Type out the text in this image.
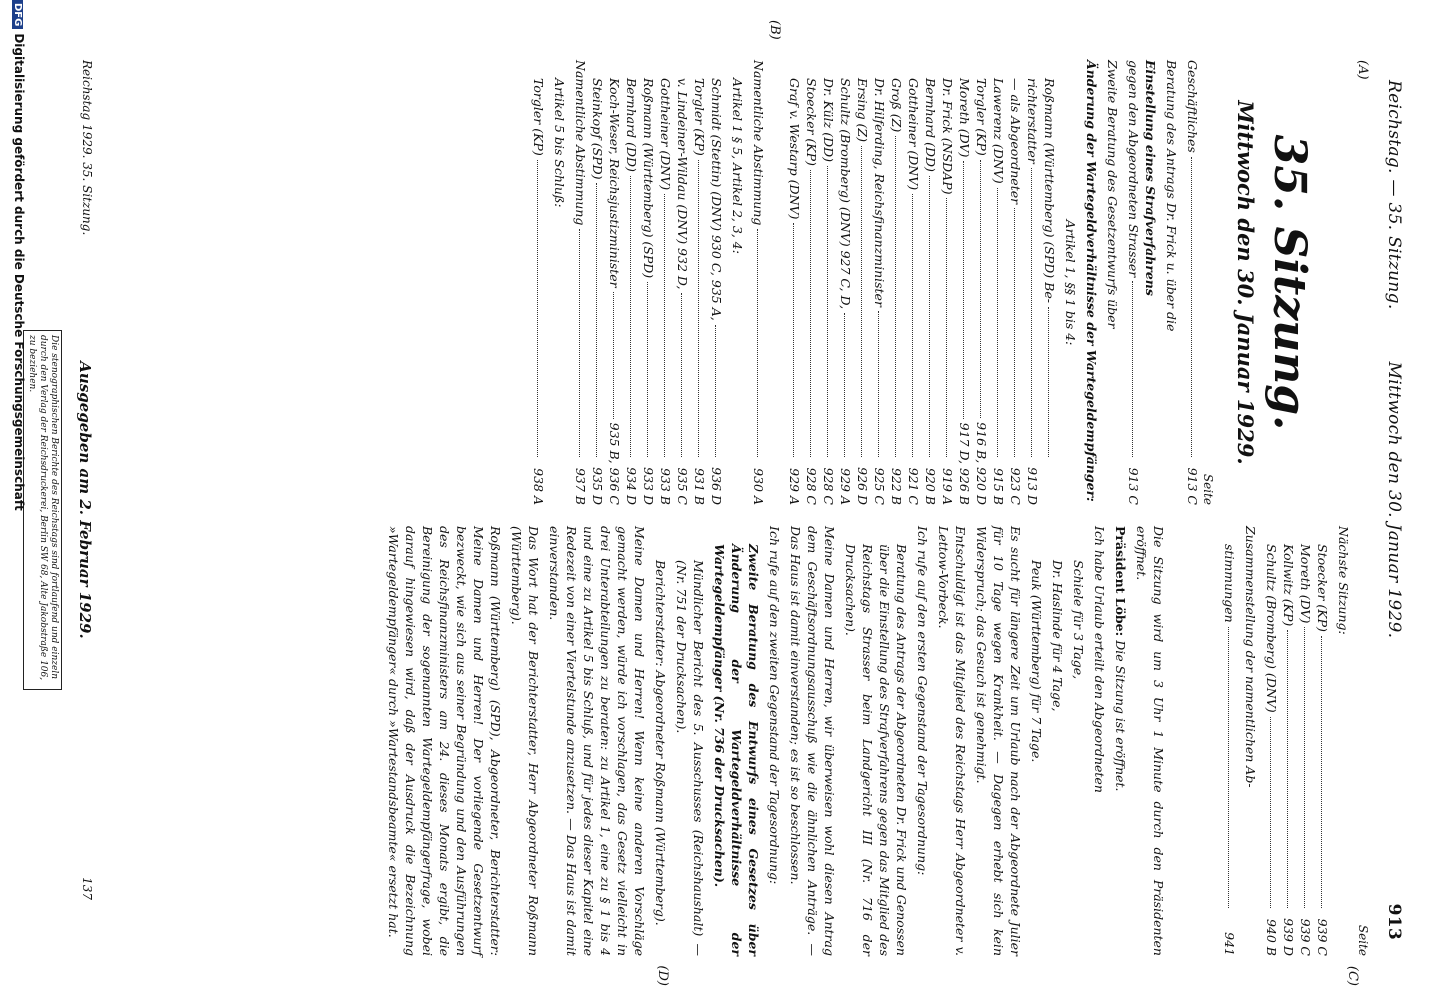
Reichstag. — 35. Sitzung.
Mittwoch den 30. Januar 1929.
913
(A)
35. Sitzung.
Mittwoch den 30. Januar 1929.
Seite
Geschäftliches
913 C
Beratung des Antrags Dr. Frick u. über die
Einstellung eines Strafverfahrens
gegen den Abgeordneten Strasser
913 C
Zweite Beratung des Gesetzentwurfs über
Änderung der Wartegeldverhältnisse der Wartegeldempfänger:
Artikel 1, §§ 1 bis 4:
Roßmann (Württemberg) (SPD) Be-
richterstatter
913 D
— als Abgeordneter
923 C
Lawerenz (DNV)
915 B
Torgler (KP)
916 B, 920 D
Moreth (DV)
917 D, 926 B
Dr. Frick (NSDAP)
919 A
Bernhard (DD)
920 B
Gottheiner (DNV)
921 C
Groß (Z)
922 B
Dr. Hilferding, Reichsfinanzminister
925 C
Ersing (Z)
926 D
Schultz (Bromberg) (DNV) 927 C, D,
929 A
Dr. Külz (DD)
928 C
Stoecker (KP)
928 C
Graf v. Westarp (DNV)
929 A
(B)
Namentliche Abstimmung
930 A
Artikel 1 § 5, Artikel 2, 3, 4:
Schmidt (Stettin) (DNV) 930 C, 935 A,
936 D
Torgler (KP)
931 B
v. Lindeiner-Wildau (DNV) 932 D,
935 C
Gottheiner (DNV)
933 B
Roßmann (Württemberg) (SPD)
933 D
Bernhard (DD)
934 D
Koch-Weser, Reichsjustizminister
935 B, 936 C
Steinkopf (SPD)
935 D
Namentliche Abstimmung
937 B
Artikel 5 bis Schluß:
Torgler (KP)
938 A
Seite
(C)
Nächste Sitzung:
Stoecker (KP)
939 C
Moreth (DV)
939 C
Kollwitz (KP)
939 D
Schultz (Bromberg) (DNV)
940 B
Zusammenstellung der namentlichen Ab-
stimmungen
941
Die Sitzung wird um 3 Uhr 1 Minute durch den Präsidenten eröffnet.
Präsident Löbe: Die Sitzung ist eröffnet.
Ich habe Urlaub erteilt den Abgeordneten
Schiele für 3 Tage,
Dr. Haslinde für 4 Tage,
Peuk (Württemberg) für 7 Tage.
Es sucht für längere Zeit um Urlaub nach der Abgeordnete Julier für 10 Tage wegen Krankheit. — Dagegen erhebt sich kein Widerspruch; das Gesuch ist genehmigt.
Entschuldigt ist das Mitglied des Reichstags Herr Abgeordneter v. Lettow-Vorbeck.
Ich rufe auf den ersten Gegenstand der Tagesordnung:
Beratung des Antrags der Abgeordneten Dr. Frick und Genossen über die Einstellung des Strafverfahrens gegen das Mitglied des Reichstags Strasser beim Landgericht III (Nr. 716 der Drucksachen).
(D)
Meine Damen und Herren, wir überweisen wohl diesen Antrag dem Geschäftsordnungsausschuß wie die ähnlichen Anträge. — Das Haus ist damit einverstanden; es ist so beschlossen.
Ich rufe auf den zweiten Gegenstand der Tagesordnung:
Zweite Beratung des Entwurfs eines Gesetzes über Änderung der Wartegeldverhältnisse der Wartegeldempfänger (Nr. 736 der Drucksachen).
Mündlicher Bericht des 5. Ausschusses (Reichshaushalt) — (Nr. 751 der Drucksachen).
Berichterstatter: Abgeordneter Roßmann (Württemberg).
Meine Damen und Herren! Wenn keine anderen Vorschläge gemacht werden, würde ich vorschlagen, das Gesetz vielleicht in drei Unterabteilungen zu beraten: zu Artikel 1, eine zu § 1 bis 4 und eine zu Artikel 5 bis Schluß, und für jedes dieser Kapitel eine Redezeit von einer Viertelstunde anzusetzen. — Das Haus ist damit einverstanden.
Das Wort hat der Berichterstatter, Herr Abgeordneter Roßmann (Württemberg).
Roßmann (Württemberg) (SPD), Abgeordneter, Berichterstatter: Meine Damen und Herren! Der vorliegende Gesetzentwurf bezweckt, wie sich aus seiner Begründung und den Ausführungen des Reichsfinanzministers am 24. dieses Monats ergibt, die Bereinigung der sogenannten Wartegeldempfängerfrage, wobei darauf hingewiesen wird, daß der Ausdruck die Bezeichnung »Wartegeldempfänger« durch »Wartestandsbeamte« ersetzt hat.
Reichstag 1929. 35. Sitzung.
Ausgegeben am 2. Februar 1929.
137
Die stenographischen Berichte des Reichstags sind fortlaufend und einzeln durch den Verlag der Reichsdruckerei, Berlin SW 68, Alte Jakobstraße 106, zu beziehen.
DFGDigitalisierung gefördert durch die Deutsche Forschungsgemeinschaft
